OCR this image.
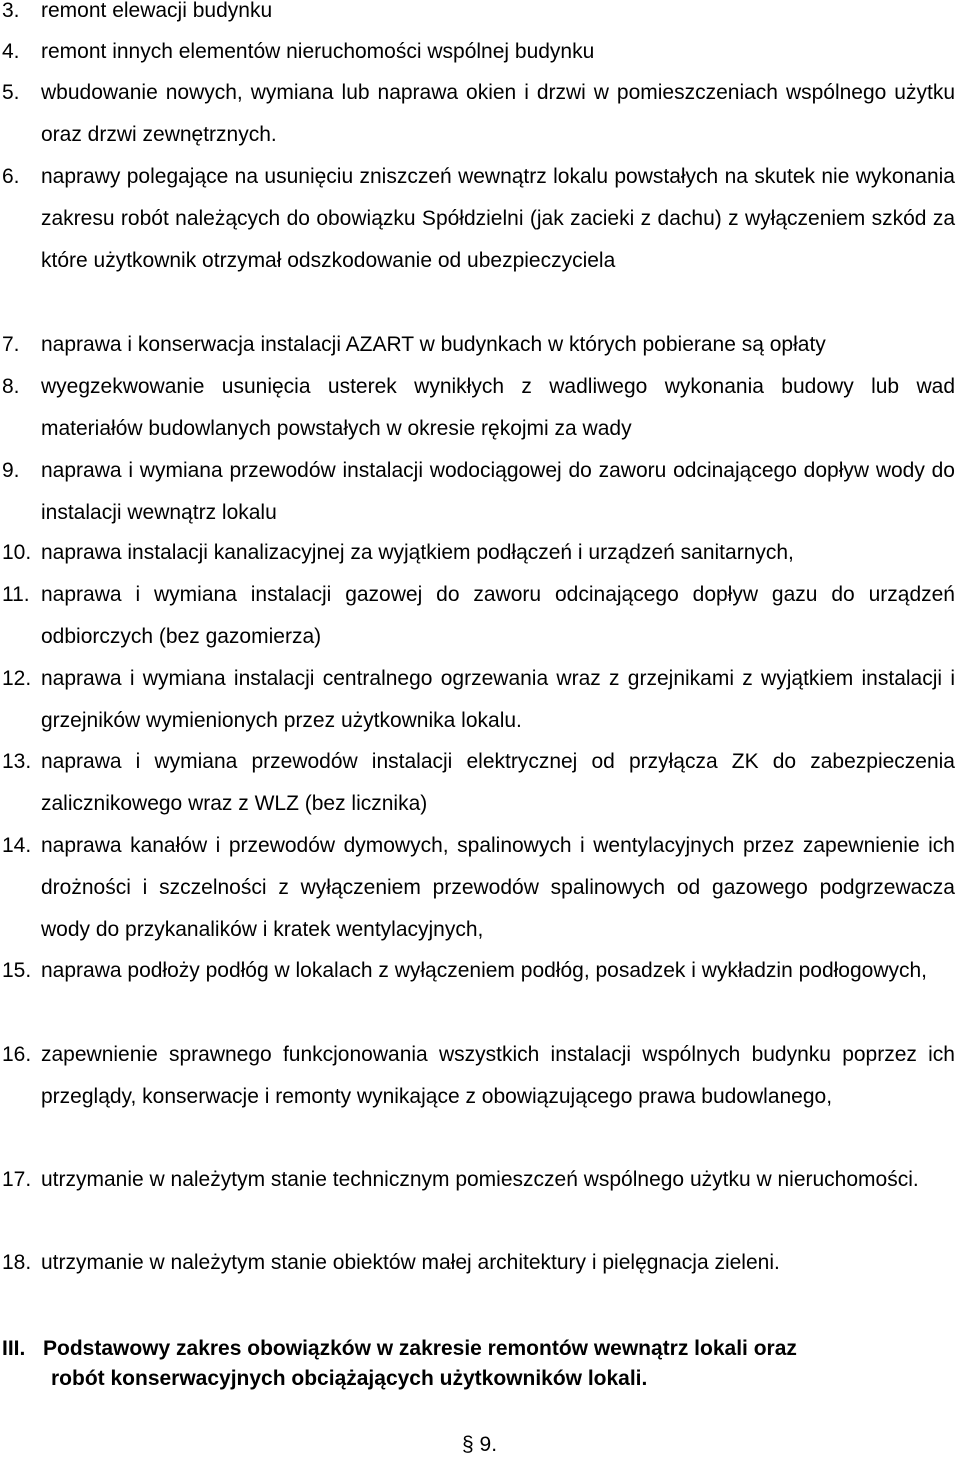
3. remont elewacji budynku
4. remont innych elementów nieruchomości wspólnej budynku
5. wbudowanie nowych, wymiana lub naprawa okien i drzwi w pomieszczeniach wspólnego użytku oraz drzwi zewnętrznych.
6. naprawy polegające na usunięciu zniszczeń wewnątrz lokalu powstałych na skutek nie wykonania zakresu robót należących do obowiązku Spółdzielni (jak zacieki z dachu) z wyłączeniem szkód za które użytkownik otrzymał odszkodowanie od ubezpieczyciela
7. naprawa i konserwacja instalacji AZART w budynkach w których pobierane są opłaty
8. wyegzekwowanie usunięcia usterek wynikłych z wadliwego wykonania budowy lub wad materiałów budowlanych powstałych w okresie rękojmi za wady
9. naprawa i wymiana przewodów instalacji wodociągowej do zaworu odcinającego dopływ wody do instalacji wewnątrz lokalu
10. naprawa instalacji kanalizacyjnej za wyjątkiem podłączeń i urządzeń sanitarnych,
11. naprawa i wymiana instalacji gazowej do zaworu odcinającego dopływ gazu do urządzeń odbiorczych (bez gazomierza)
12. naprawa i wymiana instalacji centralnego ogrzewania wraz z grzejnikami z wyjątkiem instalacji i grzejników wymienionych przez użytkownika lokalu.
13. naprawa i wymiana przewodów instalacji elektrycznej od przyłącza ZK do zabezpieczenia zalicznikowego wraz z WLZ (bez licznika)
14. naprawa kanałów i przewodów dymowych, spalinowych i wentylacyjnych przez zapewnienie ich drożności i szczelności z wyłączeniem przewodów spalinowych od gazowego podgrzewacza wody do przykanalików i kratek wentylacyjnych,
15. naprawa podłoży podłóg w lokalach z wyłączeniem podłóg, posadzek i wykładzin podłogowych,
16. zapewnienie sprawnego funkcjonowania wszystkich instalacji wspólnych budynku poprzez ich przeglądy, konserwacje i remonty wynikające z obowiązującego prawa budowlanego,
17. utrzymanie w należytym stanie technicznym pomieszczeń wspólnego użytku w nieruchomości.
18. utrzymanie w należytym stanie obiektów małej architektury i pielęgnacja zieleni.
III. Podstawowy zakres obowiązków w zakresie remontów wewnątrz lokali oraz
robót konserwacyjnych obciążających użytkowników lokali.
§ 9.
